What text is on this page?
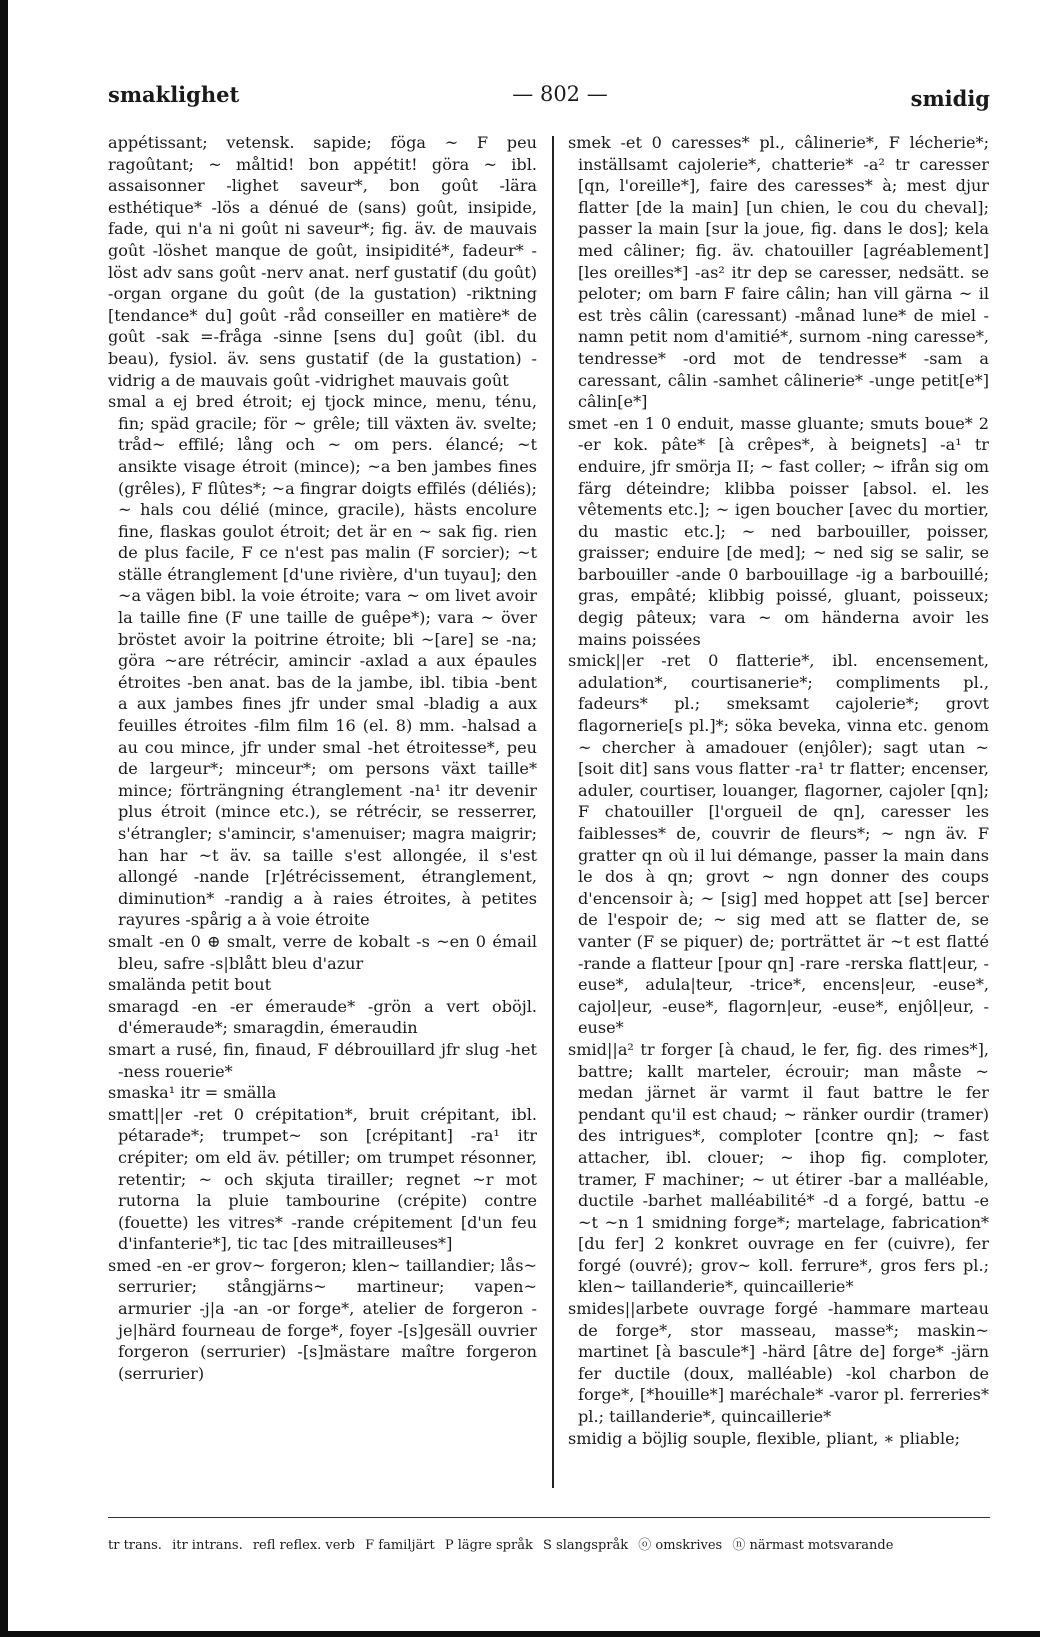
smaklighet	— 802 —	smidig

appétissant; vetensk. sapide; föga ~ F peu ragoûtant; ~ måltid! bon appétit! göra ~ ibl. assaisonner -lighet saveur*, bon goût -lära esthétique* -lös a dénué de (sans) goût, insipide, fade, qui n'a ni goût ni saveur*; fig. äv. de mauvais goût -löshet manque de goût, insipidité*, fadeur* -löst adv sans goût -nerv anat. nerf gustatif (du goût) -organ organe du goût (de la gustation) -riktning [tendance* du] goût -råd conseiller en matière* de goût -sak =-fråga -sinne [sens du] goût (ibl. du beau), fysiol. äv. sens gustatif (de la gustation) -vidrig a de mauvais goût -vidrighet mauvais goût

smal a ej bred étroit; ej tjock mince, menu, ténu, fin; späd gracile; för ~ grêle; till växten äv. svelte; tråd~ effilé; lång och ~ om pers. élancé; ~t ansikte visage étroit (mince); ~a ben jambes fines (grêles), F flûtes*; ~a fingrar doigts effilés (déliés); ~ hals cou délié (mince, gracile), hästs encolure fine, flaskas goulot étroit; det är en ~ sak fig. rien de plus facile, F ce n'est pas malin (F sorcier); ~t ställe étranglement [d'une rivière, d'un tuyau]; den ~a vägen bibl. la voie étroite; vara ~ om livet avoir la taille fine (F une taille de guêpe*); vara ~ över bröstet avoir la poitrine étroite; bli ~[are] se -na; göra ~are rétrécir, amincir -axlad a aux épaules étroites -ben anat. bas de la jambe, ibl. tibia -bent a aux jambes fines jfr under smal -bladig a aux feuilles étroites -film film 16 (el. 8) mm. -halsad a au cou mince, jfr under smal -het étroitesse*, peu de largeur*; minceur*; om persons växt taille* mince; förträngning étranglement -na¹ itr devenir plus étroit (mince etc.), se rétrécir, se resserrer, s'étrangler; s'amincir, s'amenuiser; magra maigrir; han har ~t äv. sa taille s'est allongée, il s'est allongé -nande [r]étrécissement, étranglement, diminution* -randig a à raies étroites, à petites rayures -spårig a à voie étroite

smalt -en 0 ⊕ smalt, verre de kobalt -s ~en 0 émail bleu, safre -s|blått bleu d'azur

smaländа petit bout

smaragd -en -er émeraude* -grön a vert oböjl. d'émeraude*; smaragdin, émeraudin

smart a rusé, fin, finaud, F débrouillard jfr slug -het -ness rouerie*

smaska¹ itr = smälla

smatt||er -ret 0 crépitation*, bruit crépitant, ibl. pétarade*; trumpet~ son [crépitant] -ra¹ itr crépiter; om eld äv. pétiller; om trumpet résonner, retentir; ~ och skjuta tirailler; regnet ~r mot rutorna la pluie tambourine (crépite) contre (fouette) les vitres* -rande crépitement [d'un feu d'infanterie*], tic tac [des mitrailleuses*]

smed -en -er grov~ forgeron; klen~ taillandier; lås~ serrurier; stångjärns~ martineur; vapen~ armurier -j|a -an -or forge*, atelier de forgeron -je|härd fourneau de forge*, foyer -[s]gesäll ouvrier forgeron (serrurier) -[s]mästare maître forgeron (serrurier)

smek -et 0 caresses* pl., câlinerie*, F lécherie*; inställsamt cajolerie*, chatterie* -a² tr caresser [qn, l'oreille*], faire des caresses* à; mest djur flatter [de la main] [un chien, le cou du cheval]; passer la main [sur la joue, fig. dans le dos]; kela med câliner; fig. äv. chatouiller [agréablement] [les oreilles*] -as² itr dep se caresser, nedsätt. se peloter; om barn F faire câlin; han vill gärna ~ il est très câlin (caressant) -månad lune* de miel -namn petit nom d'amitié*, surnom -ning caresse*, tendresse* -ord mot de tendresse* -sam a caressant, câlin -samhet câlinerie* -unge petit[e*] câlin[e*]

smet -en 1 0 enduit, masse gluante; smuts boue* 2 -er kok. pâte* [à crêpes*, à beignets] -a¹ tr enduire, jfr smörja II; ~ fast coller; ~ ifrån sig om färg déteindre; klibba poisser [absol. el. les vêtements etc.]; ~ igen boucher [avec du mortier, du mastic etc.]; ~ ned barbouiller, poisser, graisser; enduire [de med]; ~ ned sig se salir, se barbouiller -ande 0 barbouillage -ig a barbouillé; gras, empâté; klibbig poissé, gluant, poisseux; degig pâteux; vara ~ om händerna avoir les mains poissées

smick||er -ret 0 flatterie*, ibl. encensement, adulation*, courtisanerie*; compliments pl., fadeurs* pl.; smeksamt cajolerie*; grovt flagornerie[s pl.]*; söka beveka, vinna etc. genom ~ chercher à amadouer (enjôler); sagt utan ~ [soit dit] sans vous flatter -ra¹ tr flatter; encenser, aduler, courtiser, louanger, flagorner, cajoler [qn]; F chatouiller [l'orgueil de qn], caresser les faiblesses* de, couvrir de fleurs*; ~ ngn äv. F gratter qn où il lui démange, passer la main dans le dos à qn; grovt ~ ngn donner des coups d'encensoir à; ~ [sig] med hoppet att [se] bercer de l'espoir de; ~ sig med att se flatter de, se vanter (F se piquer) de; porträttet är ~t est flatté -rande a flatteur [pour qn] -rare -rerska flatt|eur, -euse*, adula|teur, -trice*, encens|eur, -euse*, cajol|eur, -euse*, flagorn|eur, -euse*, enjôl|eur, -euse*

smid||a² tr forger [à chaud, le fer, fig. des rimes*], battre; kallt marteler, écrouir; man måste ~ medan järnet är varmt il faut battre le fer pendant qu'il est chaud; ~ ränker ourdir (tramer) des intrigues*, comploter [contre qn]; ~ fast attacher, ibl. clouer; ~ ihop fig. comploter, tramer, F machiner; ~ ut étirer -bar a malléable, ductile -barhet malléabilité* -d a forgé, battu -e ~t ~n 1 smidning forge*; martelage, fabrication* [du fer] 2 konkret ouvrage en fer (cuivre), fer forgé (ouvré); grov~ koll. ferrure*, gros fers pl.; klen~ taillanderie*, quincaillerie*

smides||arbete ouvrage forgé -hammare marteau de forge*, stor masseau, masse*; maskin~ martinet [à bascule*] -härd [âtre de] forge* -järn fer ductile (doux, malléable) -kol charbon de forge*, [*houille*] maréchale* -varor pl. ferreries* pl.; taillanderie*, quincaillerie*

smidig a böjlig souple, flexible, pliant, ∗ pliable;

tr trans. itr intrans. refl reflex. verb F familjärt P lägre språk S slangspråk ⓞ omskrives ⓝ närmast motsvarande
